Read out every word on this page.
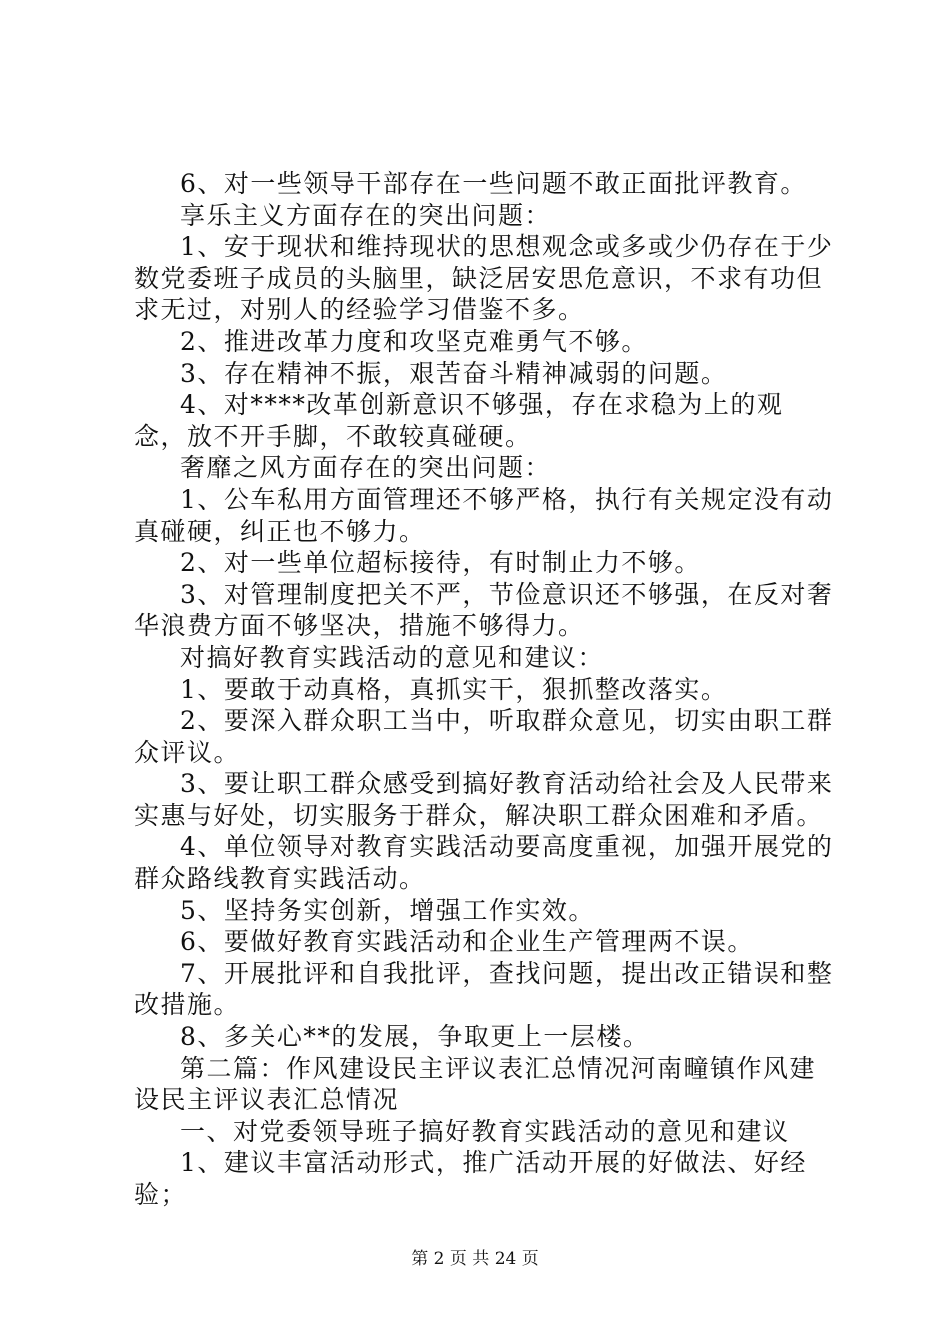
6、对一些领导干部存在一些问题不敢正面批评教育。

享乐主义方面存在的突出问题：

1、安于现状和维持现状的思想观念或多或少仍存在于少数党委班子成员的头脑里，缺泛居安思危意识，不求有功但求无过，对别人的经验学习借鉴不多。

2、推进改革力度和攻坚克难勇气不够。

3、存在精神不振，艰苦奋斗精神减弱的问题。

4、对****改革创新意识不够强，存在求稳为上的观念，放不开手脚，不敢较真碰硬。

奢靡之风方面存在的突出问题：

1、公车私用方面管理还不够严格，执行有关规定没有动真碰硬，纠正也不够力。

2、对一些单位超标接待，有时制止力不够。

3、对管理制度把关不严，节俭意识还不够强，在反对奢华浪费方面不够坚决，措施不够得力。

对搞好教育实践活动的意见和建议：

1、要敢于动真格，真抓实干，狠抓整改落实。

2、要深入群众职工当中，听取群众意见，切实由职工群众评议。

3、要让职工群众感受到搞好教育活动给社会及人民带来实惠与好处，切实服务于群众，解决职工群众困难和矛盾。

4、单位领导对教育实践活动要高度重视，加强开展党的群众路线教育实践活动。

5、坚持务实创新，增强工作实效。

6、要做好教育实践活动和企业生产管理两不误。

7、开展批评和自我批评，查找问题，提出改正错误和整改措施。

8、多关心**的发展，争取更上一层楼。

第二篇：作风建设民主评议表汇总情况河南疃镇作风建设民主评议表汇总情况

一、对党委领导班子搞好教育实践活动的意见和建议

1、建议丰富活动形式，推广活动开展的好做法、好经验；

第 2 页 共 24 页
